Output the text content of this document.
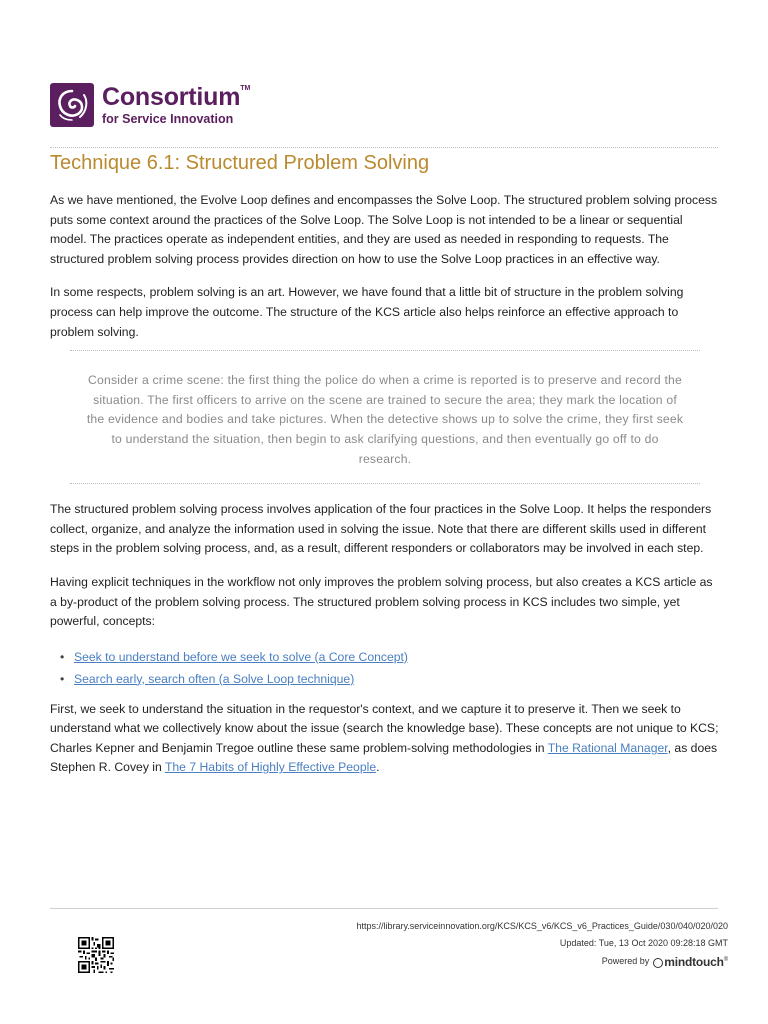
Consortium™
for Service Innovation
Technique 6.1: Structured Problem Solving

As we have mentioned, the Evolve Loop defines and encompasses the Solve Loop. The structured problem solving process puts some context around the practices of the Solve Loop. The Solve Loop is not intended to be a linear or sequential model. The practices operate as independent entities, and they are used as needed in responding to requests. The structured problem solving process provides direction on how to use the Solve Loop practices in an effective way.

In some respects, problem solving is an art. However, we have found that a little bit of structure in the problem solving process can help improve the outcome. The structure of the KCS article also helps reinforce an effective approach to problem solving.

Consider a crime scene: the first thing the police do when a crime is reported is to preserve and record the situation. The first officers to arrive on the scene are trained to secure the area; they mark the location of the evidence and bodies and take pictures. When the detective shows up to solve the crime, they first seek to understand the situation, then begin to ask clarifying questions, and then eventually go off to do research.

The structured problem solving process involves application of the four practices in the Solve Loop. It helps the responders collect, organize, and analyze the information used in solving the issue. Note that there are different skills used in different steps in the problem solving process, and, as a result, different responders or collaborators may be involved in each step.

Having explicit techniques in the workflow not only improves the problem solving process, but also creates a KCS article as a by-product of the problem solving process. The structured problem solving process in KCS includes two simple, yet powerful, concepts:

• Seek to understand before we seek to solve (a Core Concept)
• Search early, search often (a Solve Loop technique)

First, we seek to understand the situation in the requestor's context, and we capture it to preserve it. Then we seek to understand what we collectively know about the issue (search the knowledge base). These concepts are not unique to KCS; Charles Kepner and Benjamin Tregoe outline these same problem-solving methodologies in The Rational Manager, as does Stephen R. Covey in The 7 Habits of Highly Effective People.

https://library.serviceinnovation.org/KCS/KCS_v6/KCS_v6_Practices_Guide/030/040/020/020
Updated: Tue, 13 Oct 2020 09:28:18 GMT
Powered by	mindtouch®
